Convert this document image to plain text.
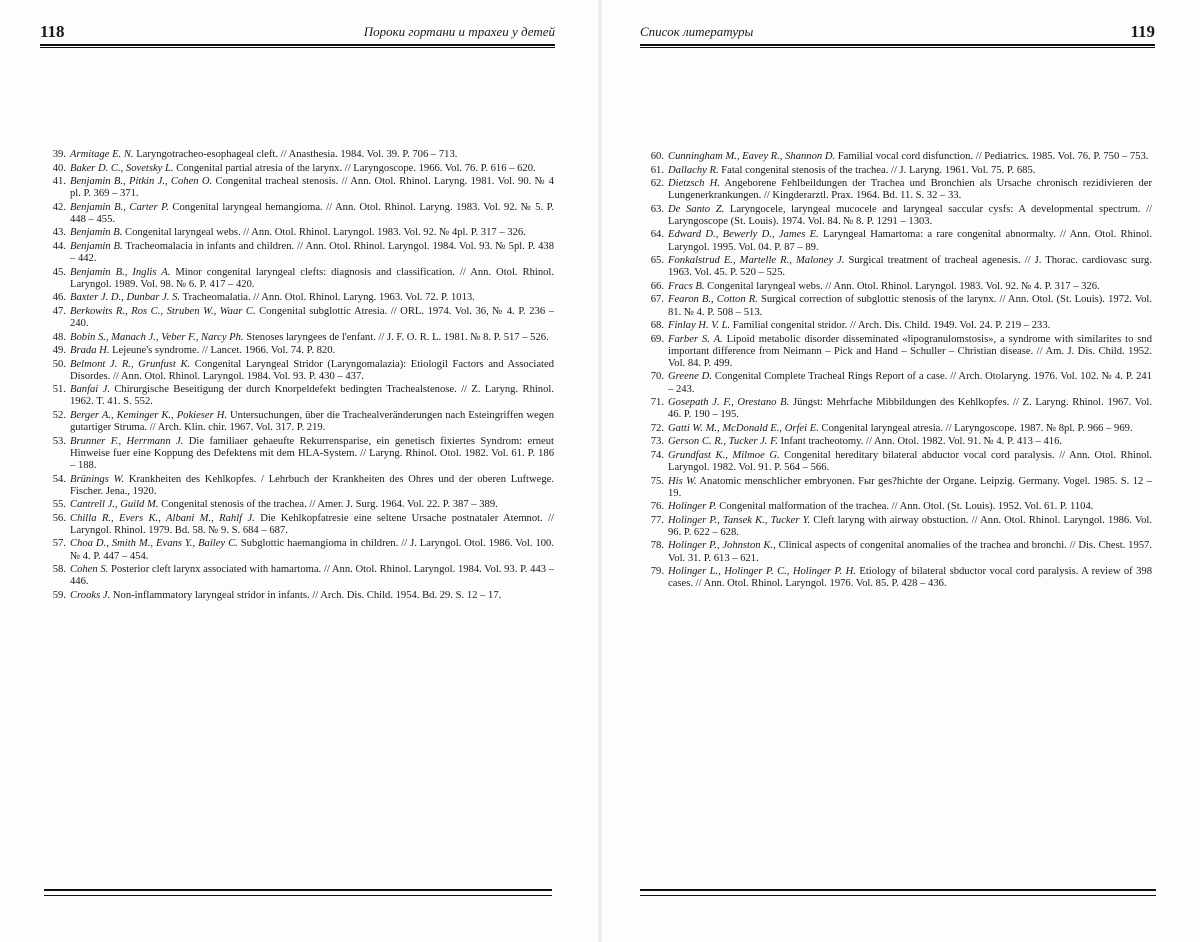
118	Пороки гортани и трахеи у детей
39. Armitage E. N. Laryngotracheo-esophageal cleft. // Anasthesia. 1984. Vol. 39. P. 706 – 713.
40. Baker D. C., Sovetsky L. Congenital partial atresia of the larynx. // Laryngoscope. 1966. Vol. 76. P. 616 – 620.
41. Benjamin B., Pitkin J., Cohen O. Congenital tracheal stenosis. // Ann. Otol. Rhinol. Laryng. 1981. Vol. 90. № 4 pl. P. 369 – 371.
42. Benjamin B., Carter P. Congenital laryngeal hemangioma. // Ann. Otol. Rhinol. Laryng. 1983. Vol. 92. № 5. P. 448 – 455.
43. Benjamin B. Congenital laryngeal webs. // Ann. Otol. Rhinol. Laryngol. 1983. Vol. 92. № 4pl. P. 317 – 326.
44. Benjamin B. Tracheomalacia in infants and children. // Ann. Otol. Rhinol. Laryngol. 1984. Vol. 93. № 5pl. P. 438 – 442.
45. Benjamin B., Inglis A. Minor congenital laryngeal clefts: diagnosis and classification. // Ann. Otol. Rhinol. Laryngol. 1989. Vol. 98. № 6. P. 417 – 420.
46. Baxter J. D., Dunbar J. S. Tracheomalatia. // Ann. Otol. Rhinol. Laryng. 1963. Vol. 72. P. 1013.
47. Berkowits R., Ros C., Struben W., Waar C. Congenital subglottic Atresia. // ORL. 1974. Vol. 36, № 4. P. 236 – 240.
48. Bobin S., Manach J., Veber F., Narcy Ph. Stenoses laryngees de l'enfant. // J. F. O. R. L. 1981. № 8. P. 517 – 526.
49. Brada H. Lejeune's syndrome. // Lancet. 1966. Vol. 74. P. 820.
50. Belmont J. R., Grunfust K. Congenital Laryngeal Stridor (Laryngomalazia): Etiologil Factors and Associated Disordes. // Ann. Otol. Rhinol. Laryngol. 1984. Vol. 93. P. 430 – 437.
51. Banfai J. Chirurgische Beseitigung der durch Knorpeldefekt bedingten Trachealstenose. // Z. Laryng. Rhinol. 1962. T. 41. S. 552.
52. Berger A., Keminger K., Pokieser H. Untersuchungen, über die Trachealveränderungen nach Esteingriffen wegen gutartiger Struma. // Arch. Klin. chir. 1967. Vol. 317. P. 219.
53. Brunner F., Herrmann J. Die familiaer gehaeufte Rekurrensparise, ein genetisch fixiertes Syndrom: erneut Hinweise fuer eine Koppung des Defektens mit dem HLA-System. // Laryng. Rhinol. Otol. 1982. Vol. 61. P. 186 – 188.
54. Brünings W. Krankheiten des Kehlkopfes. / Lehrbuch der Krankheiten des Ohres und der oberen Luftwege. Fischer. Jena., 1920.
55. Cantrell J., Guild M. Congenital stenosis of the trachea. // Amer. J. Surg. 1964. Vol. 22. P. 387 – 389.
56. Chilla R., Evers K., Albani M., Rahlf J. Die Kehlkopfatresie eine seltene Ursache postnataler Atemnot. // Laryngol. Rhinol. 1979. Bd. 58. № 9. S. 684 – 687.
57. Choa D., Smith M., Evans Y., Bailey C. Subglottic haemangioma in children. // J. Laryngol. Otol. 1986. Vol. 100. № 4. P. 447 – 454.
58. Cohen S. Posterior cleft larynx associated with hamartoma. // Ann. Otol. Rhinol. Laryngol. 1984. Vol. 93. P. 443 – 446.
59. Crooks J. Non-inflammatory laryngeal stridor in infants. // Arch. Dis. Child. 1954. Bd. 29. S. 12 – 17.
Список литературы	119
60. Cunningham M., Eavey R., Shannon D. Familial vocal cord disfunction. // Pediatrics. 1985. Vol. 76. P. 750 – 753.
61. Dallachy R. Fatal congenital stenosis of the trachea. // J. Laryng. 1961. Vol. 75. P. 685.
62. Dietzsch H. Angeborene Fehlbeildungen der Trachea und Bronchien als Ursache chronisch rezidivieren der Lungenerkrankungen. // Kingderarztl. Prax. 1964. Bd. 11. S. 32 – 33.
63. De Santo Z. Laryngocele, laryngeal mucocele and laryngeal saccular cysfs: A developmental spectrum. // Laryngoscope (St. Louis). 1974. Vol. 84. № 8. P. 1291 – 1303.
64. Edward D., Bewerly D., James E. Laryngeal Hamartoma: a rare congenital abnormalty. // Ann. Otol. Rhinol. Laryngol. 1995. Vol. 04. P. 87 – 89.
65. Fonkalstrud E., Martelle R., Maloney J. Surgical treatment of tracheal agenesis. // J. Thorac. cardiovasc surg. 1963. Vol. 45. P. 520 – 525.
66. Fracs B. Congenital laryngeal webs. // Ann. Otol. Rhinol. Laryngol. 1983. Vol. 92. № 4. P. 317 – 326.
67. Fearon B., Cotton R. Surgical correction of subglottic stenosis of the larynx. // Ann. Otol. (St. Louis). 1972. Vol. 81. № 4. P. 508 – 513.
68. Finlay H. V. L. Familial congenital stridor. // Arch. Dis. Child. 1949. Vol. 24. P. 219 – 233.
69. Farber S. A. Lipoid metabolic disorder disseminated «lipogranulomstosis», a syndrome with similarites to snd important difference from Neimann – Pick and Hand – Schuller – Christian disease. // Am. J. Dis. Child. 1952. Vol. 84. P. 499.
70. Greene D. Congenital Complete Tracheal Rings Report of a case. // Arch. Otolaryng. 1976. Vol. 102. № 4. P. 241 – 243.
71. Gosepath J. F., Orestano B. Jüngst: Mehrfache Mibbildungen des Kehlkopfes. // Z. Laryng. Rhinol. 1967. Vol. 46. P. 190 – 195.
72. Gatti W. M., McDonald E., Orfei E. Congenital laryngeal atresia. // Laryngoscope. 1987. № 8pl. P. 966 – 969.
73. Gerson C. R., Tucker J. F. Infant tracheotomy. // Ann. Otol. 1982. Vol. 91. № 4. P. 413 – 416.
74. Grundfast K., Milmoe G. Congenital hereditary bilateral abductor vocal cord paralysis. // Ann. Otol. Rhinol. Laryngol. 1982. Vol. 91. P. 564 – 566.
75. His W. Anatomic menschlicher embryonen. Fыr ges?hichte der Organe. Leipzig. Germany. Vogel. 1985. S. 12 – 19.
76. Holinger P. Congenital malformation of the trachea. // Ann. Otol. (St. Louis). 1952. Vol. 61. P. 1104.
77. Holinger P., Tansek K., Tucker Y. Cleft laryng with airway obstuction. // Ann. Otol. Rhinol. Laryngol. 1986. Vol. 96. P. 622 – 628.
78. Holinger P., Johnston K., Clinical aspects of congenital anomalies of the trachea and bronchi. // Dis. Chest. 1957. Vol. 31. P. 613 – 621.
79. Holinger L., Holinger P. C., Holinger P. H. Etiology of bilateral sbductor vocal cord paralysis. A review of 398 cases. // Ann. Otol. Rhinol. Laryngol. 1976. Vol. 85. P. 428 – 436.
